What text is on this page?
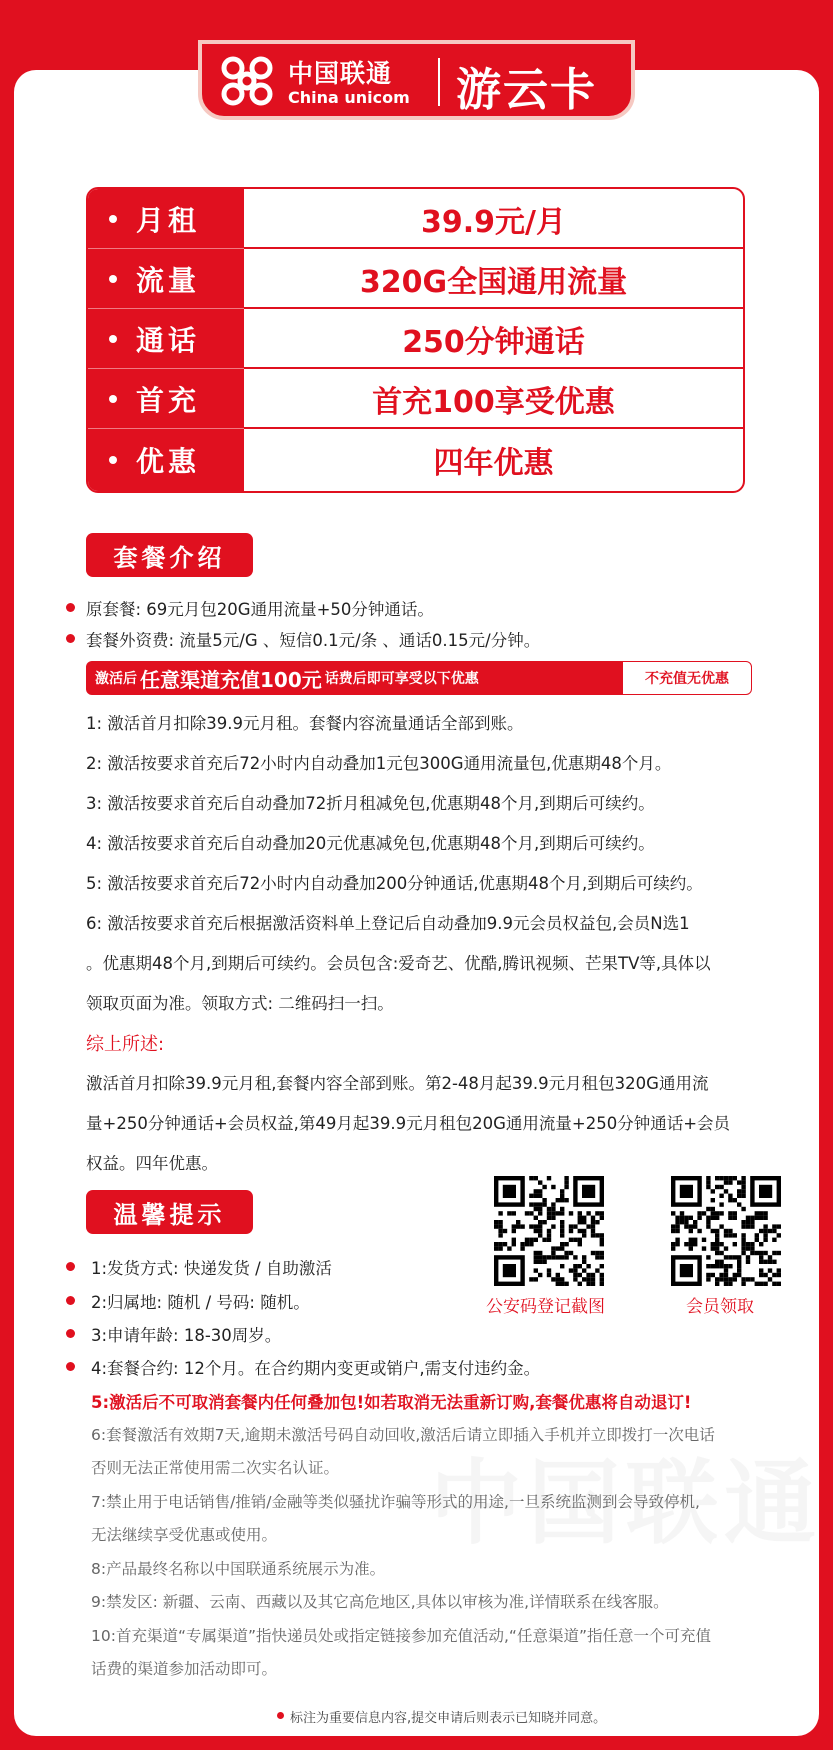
中国联通
China unicom 游云卡
月租	39.9元/月
流量	320G全国通用流量
通话	250分钟通话
首充	首充100享受优惠
优惠	四年优惠
套餐介绍
原套餐: 69元月包20G通用流量+50分钟通话。
套餐外资费: 流量5元/G 、短信0.1元/条 、通话0.15元/分钟。
激活后 任意渠道充值100元 话费后即可享受以下优惠	不充值无优惠
1: 激活首月扣除39.9元月租。套餐内容流量通话全部到账。
2: 激活按要求首充后72小时内自动叠加1元包300G通用流量包,优惠期48个月。
3: 激活按要求首充后自动叠加72折月租减免包,优惠期48个月,到期后可续约。
4: 激活按要求首充后自动叠加20元优惠减免包,优惠期48个月,到期后可续约。
5: 激活按要求首充后72小时内自动叠加200分钟通话,优惠期48个月,到期后可续约。
6: 激活按要求首充后根据激活资料单上登记后自动叠加9.9元会员权益包,会员N选1
。优惠期48个月,到期后可续约。会员包含:爱奇艺、优酷,腾讯视频、芒果TV等,具体以
领取页面为准。领取方式: 二维码扫一扫。
综上所述:
激活首月扣除39.9元月租,套餐内容全部到账。第2-48月起39.9元月租包320G通用流
量+250分钟通话+会员权益,第49月起39.9元月租包20G通用流量+250分钟通话+会员
权益。四年优惠。
公安码登记截图	会员领取
温馨提示
1:发货方式: 快递发货 / 自助激活
2:归属地: 随机 / 号码: 随机。
3:申请年龄: 18-30周岁。
4:套餐合约: 12个月。在合约期内变更或销户,需支付违约金。
5:激活后不可取消套餐内任何叠加包!如若取消无法重新订购,套餐优惠将自动退订!
6:套餐激活有效期7天,逾期未激活号码自动回收,激活后请立即插入手机并立即拨打一次电话
否则无法正常使用需二次实名认证。
7:禁止用于电话销售/推销/金融等类似骚扰诈骗等形式的用途,一旦系统监测到会导致停机,
无法继续享受优惠或使用。
8:产品最终名称以中国联通系统展示为准。
9:禁发区: 新疆、云南、西藏以及其它高危地区,具体以审核为准,详情联系在线客服。
10:首充渠道“专属渠道”指快递员处或指定链接参加充值活动,“任意渠道”指任意一个可充值
话费的渠道参加活动即可。
标注为重要信息内容,提交申请后则表示已知晓并同意。
